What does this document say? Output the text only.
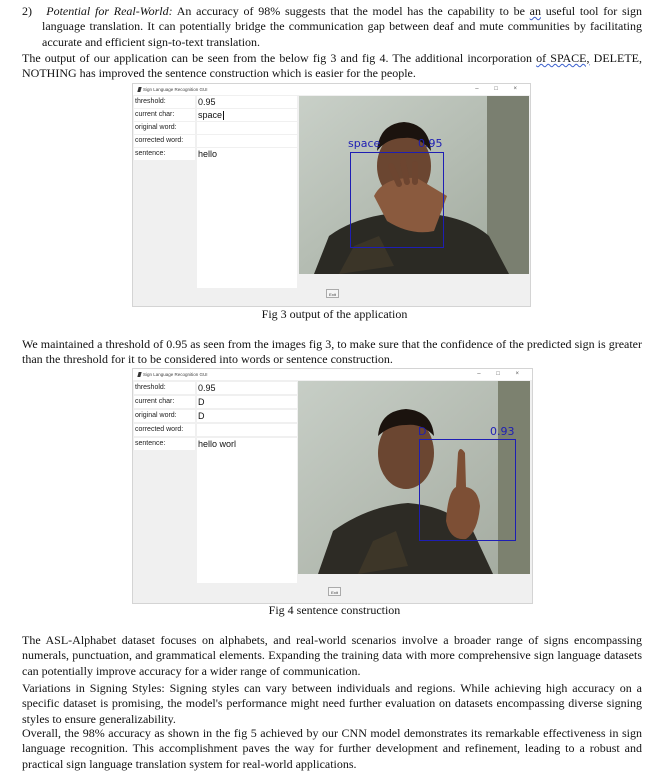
2) Potential for Real-World: An accuracy of 98% suggests that the model has the capability to be an useful tool for sign language translation. It can potentially bridge the communication gap between deaf and mute communities by facilitating accurate and efficient sign-to-text translation.

The output of our application can be seen from the below fig 3 and fig 4. The additional incorporation of SPACE, DELETE, NOTHING has improved the sentence construction which is easier for the people.

Sign Language Recognition GUI	– □ ×
threshold:	0.95
current char:	space
original word:
corrected word:
sentence:	hello
space	0.95
Exit
Fig 3 output of the application

We maintained a threshold of 0.95 as seen from the images fig 3, to make sure that the confidence of the predicted sign is greater than the threshold for it to be considered into words or sentence construction.

Sign Language Recognition GUI	– □ ×
threshold:	0.95
current char:	D
original word:	D
corrected word:
sentence:	hello worl
D	0.93
Exit
Fig 4 sentence construction

The ASL-Alphabet dataset focuses on alphabets, and real-world scenarios involve a broader range of signs encompassing numerals, punctuation, and grammatical elements. Expanding the training data with more comprehensive sign language datasets can potentially improve accuracy for a wider range of communication.

Variations in Signing Styles: Signing styles can vary between individuals and regions. While achieving high accuracy on a specific dataset is promising, the model's performance might need further evaluation on datasets encompassing diverse signing styles to ensure generalizability.

Overall, the 98% accuracy as shown in the fig 5 achieved by our CNN model demonstrates its remarkable effectiveness in sign language recognition. This accomplishment paves the way for further development and refinement, leading to a robust and practical sign language translation system for real-world applications.
